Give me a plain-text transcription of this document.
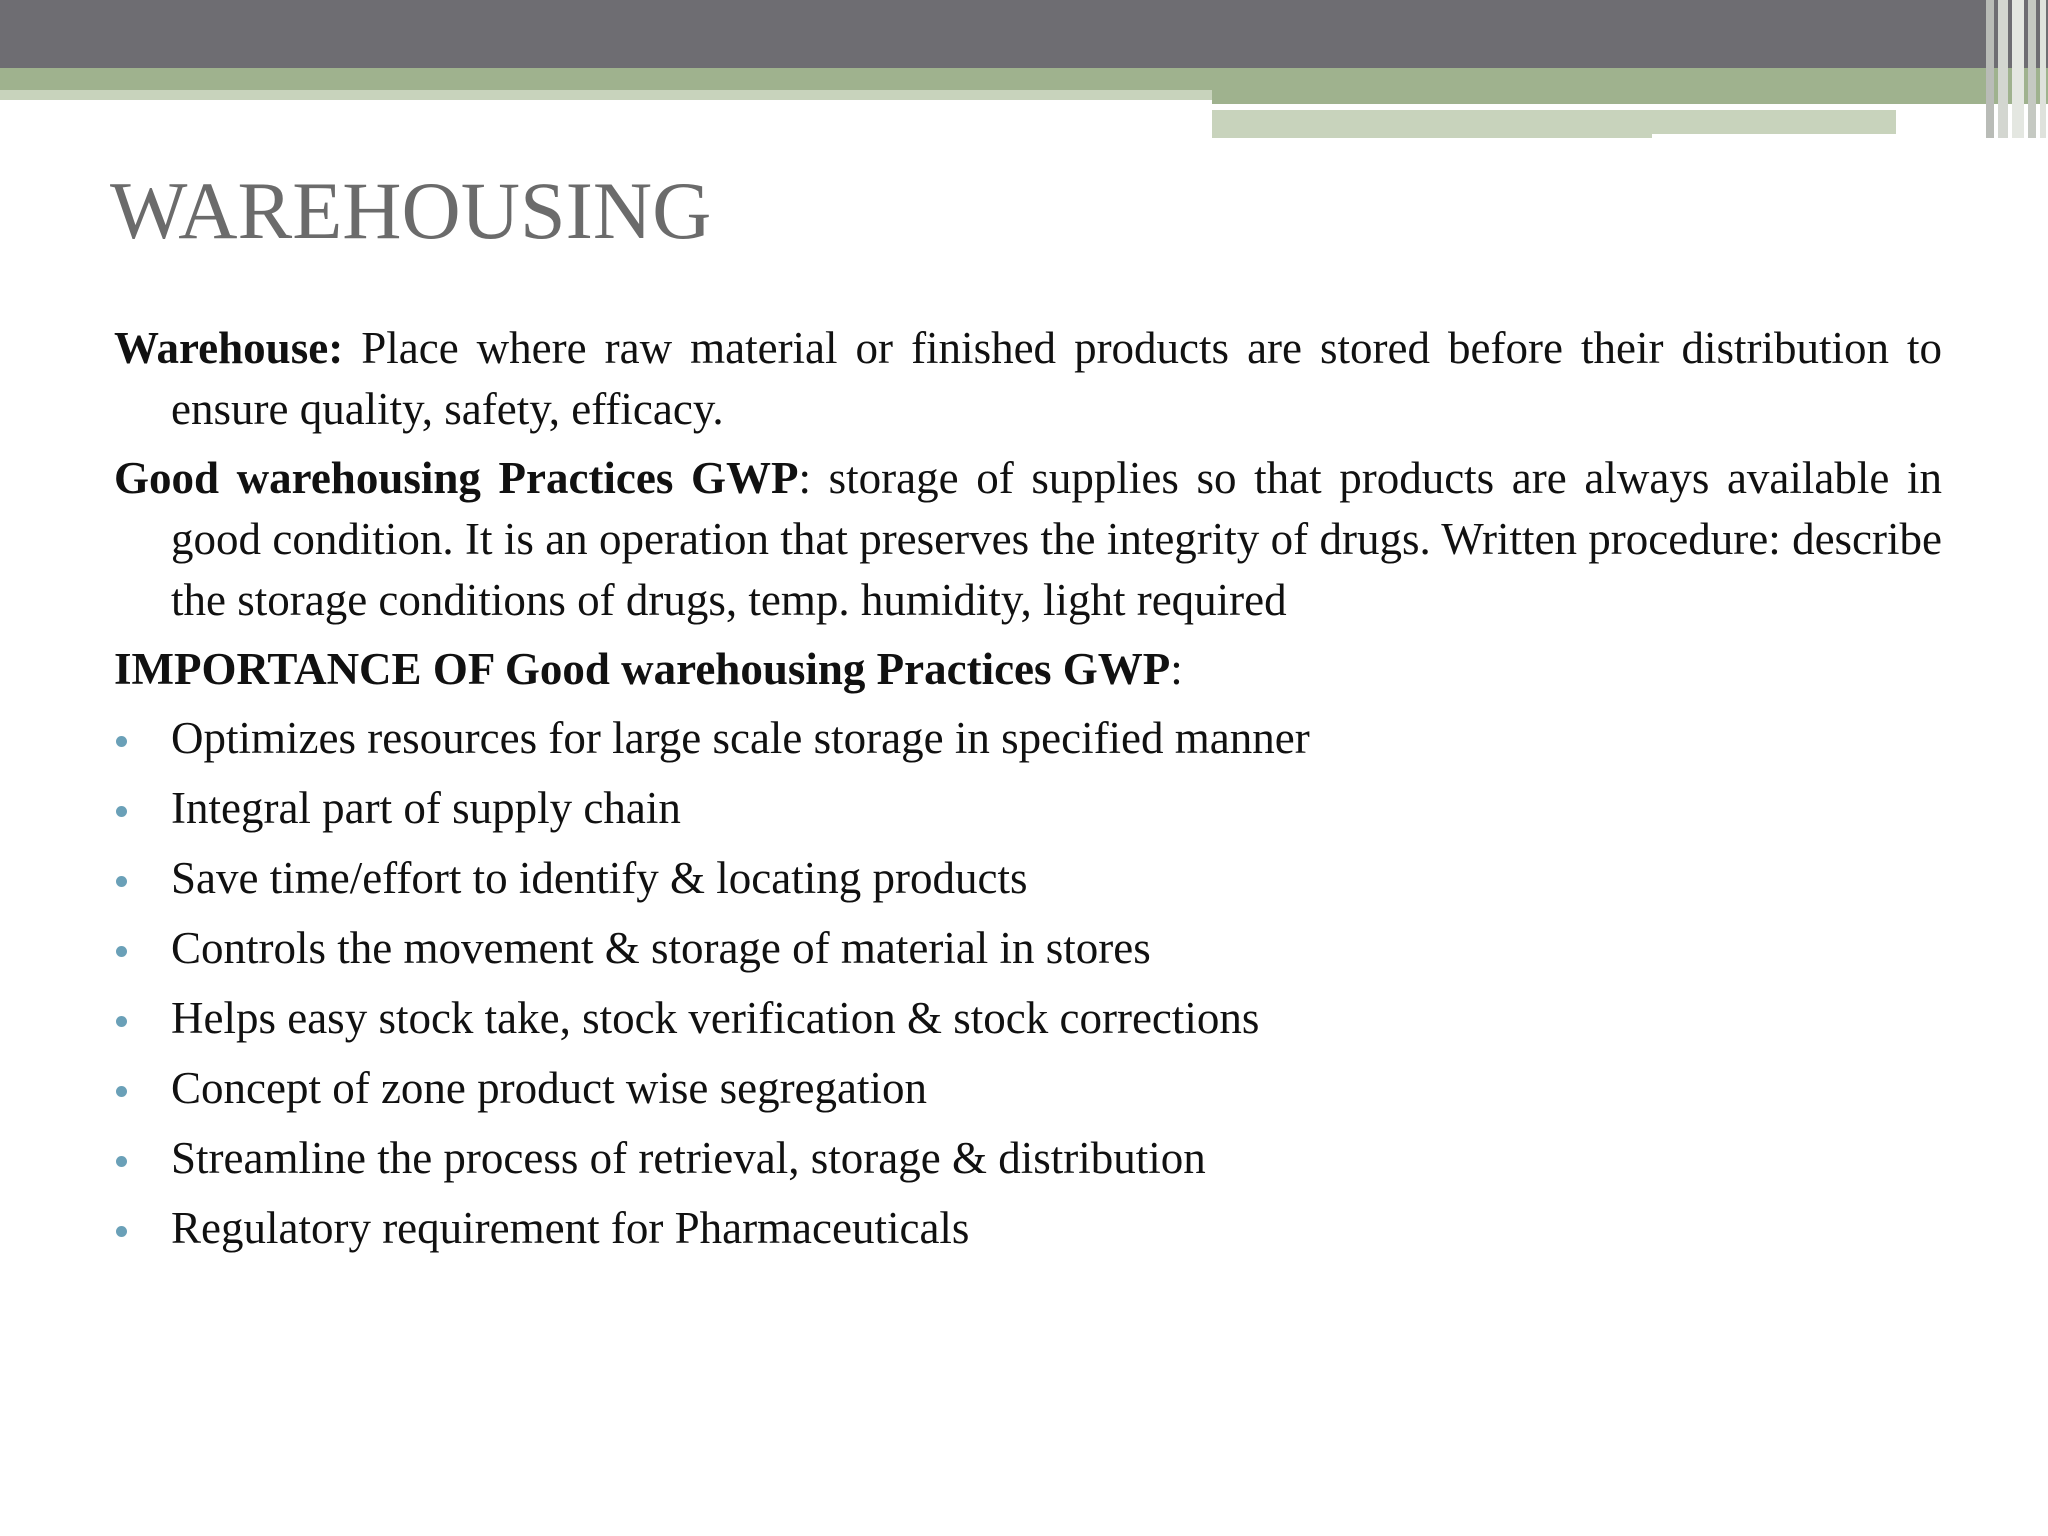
WAREHOUSING

Warehouse: Place where raw material or finished products are stored before their distribution to ensure quality, safety, efficacy.

Good warehousing Practices GWP: storage of supplies so that products are always available in good condition. It is an operation that preserves the integrity of drugs. Written procedure: describe the storage conditions of drugs, temp. humidity, light required

IMPORTANCE OF Good warehousing Practices GWP:

Optimizes resources for large scale storage in specified manner
Integral part of supply chain
Save time/effort to identify & locating products
Controls the movement & storage of material in stores
Helps easy stock take, stock verification & stock corrections
Concept of zone product wise segregation
Streamline the process of retrieval, storage & distribution
Regulatory requirement for Pharmaceuticals
